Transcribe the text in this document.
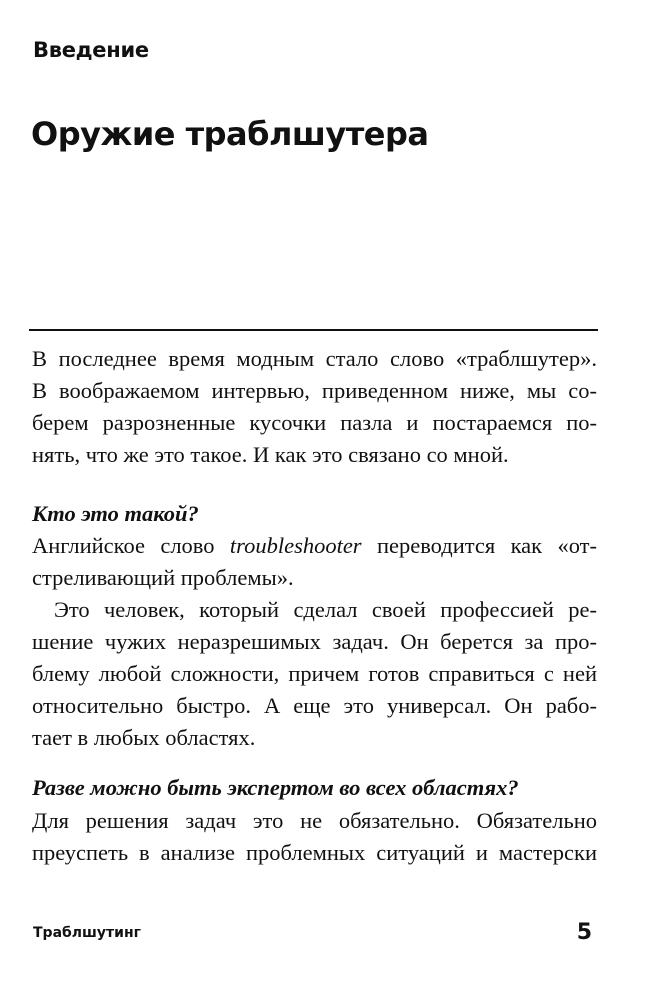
Введение
Оружие траблшутера
В последнее время модным стало слово «траблшутер».
В воображаемом интервью, приведенном ниже, мы со-
берем разрозненные кусочки пазла и постараемся по-
нять, что же это такое. И как это связано со мной.
Кто это такой?
Английское слово troubleshooter переводится как «от-
стреливающий проблемы».
Это человек, который сделал своей профессией ре-
шение чужих неразрешимых задач. Он берется за про-
блему любой сложности, причем готов справиться с ней
относительно быстро. А еще это универсал. Он рабо-
тает в любых областях.
Разве можно быть экспертом во всех областях?
Для решения задач это не обязательно. Обязательно
преуспеть в анализе проблемных ситуаций и мастерски
Траблшутинг	5
